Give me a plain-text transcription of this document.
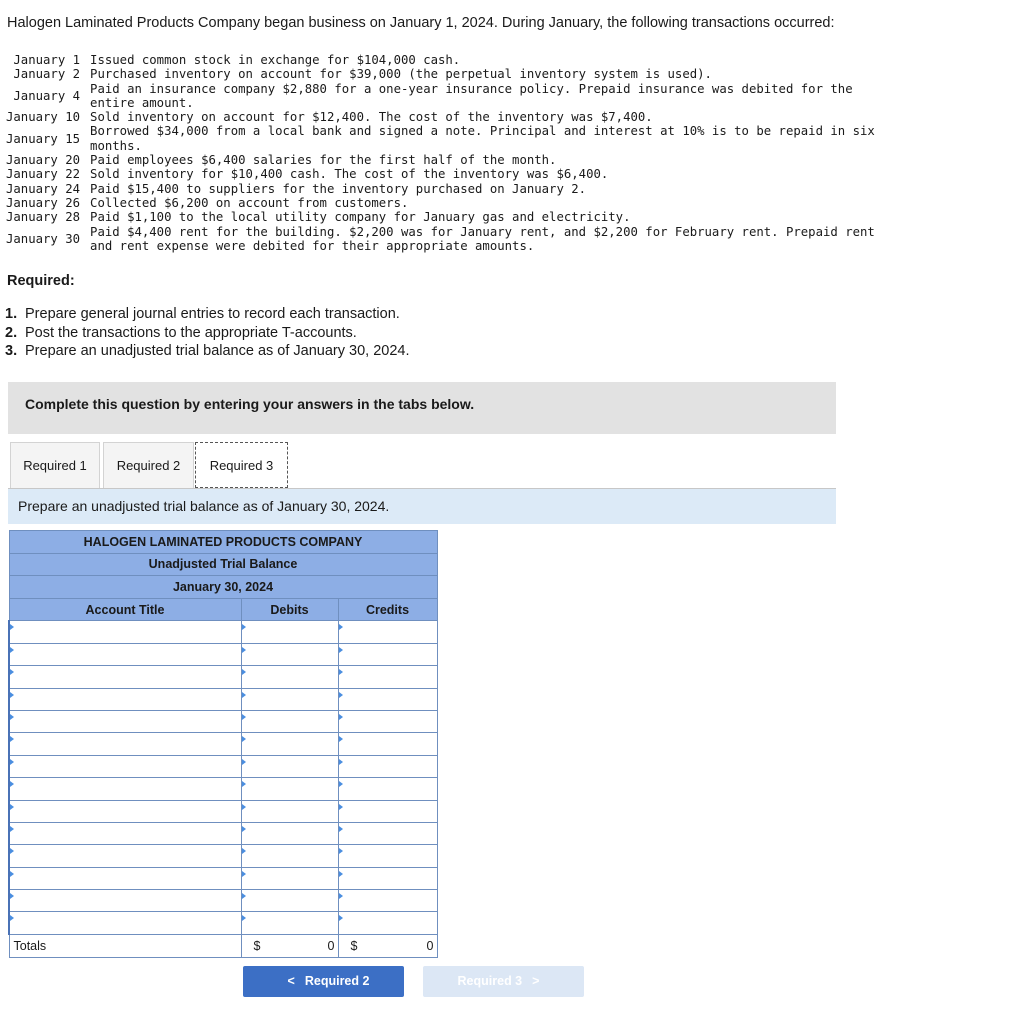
Halogen Laminated Products Company began business on January 1, 2024. During January, the following transactions occurred:
January 1	Issued common stock in exchange for $104,000 cash.
January 2	Purchased inventory on account for $39,000 (the perpetual inventory system is used).
January 4	Paid an insurance company $2,880 for a one-year insurance policy. Prepaid insurance was debited for the entire amount.
January 10	Sold inventory on account for $12,400. The cost of the inventory was $7,400.
January 15	Borrowed $34,000 from a local bank and signed a note. Principal and interest at 10% is to be repaid in six months.
January 20	Paid employees $6,400 salaries for the first half of the month.
January 22	Sold inventory for $10,400 cash. The cost of the inventory was $6,400.
January 24	Paid $15,400 to suppliers for the inventory purchased on January 2.
January 26	Collected $6,200 on account from customers.
January 28	Paid $1,100 to the local utility company for January gas and electricity.
January 30	Paid $4,400 rent for the building. $2,200 was for January rent, and $2,200 for February rent. Prepaid rent and rent expense were debited for their appropriate amounts.
Required:
1. Prepare general journal entries to record each transaction.
2. Post the transactions to the appropriate T-accounts.
3. Prepare an unadjusted trial balance as of January 30, 2024.
Complete this question by entering your answers in the tabs below.
Required 1	Required 2	Required 3
Prepare an unadjusted trial balance as of January 30, 2024.
HALOGEN LAMINATED PRODUCTS COMPANY		
Unadjusted Trial Balance		
January 30, 2024		
Account Title	Debits	Credits

Totals	$ 0	$ 0
< Required 2	Required 3 >
